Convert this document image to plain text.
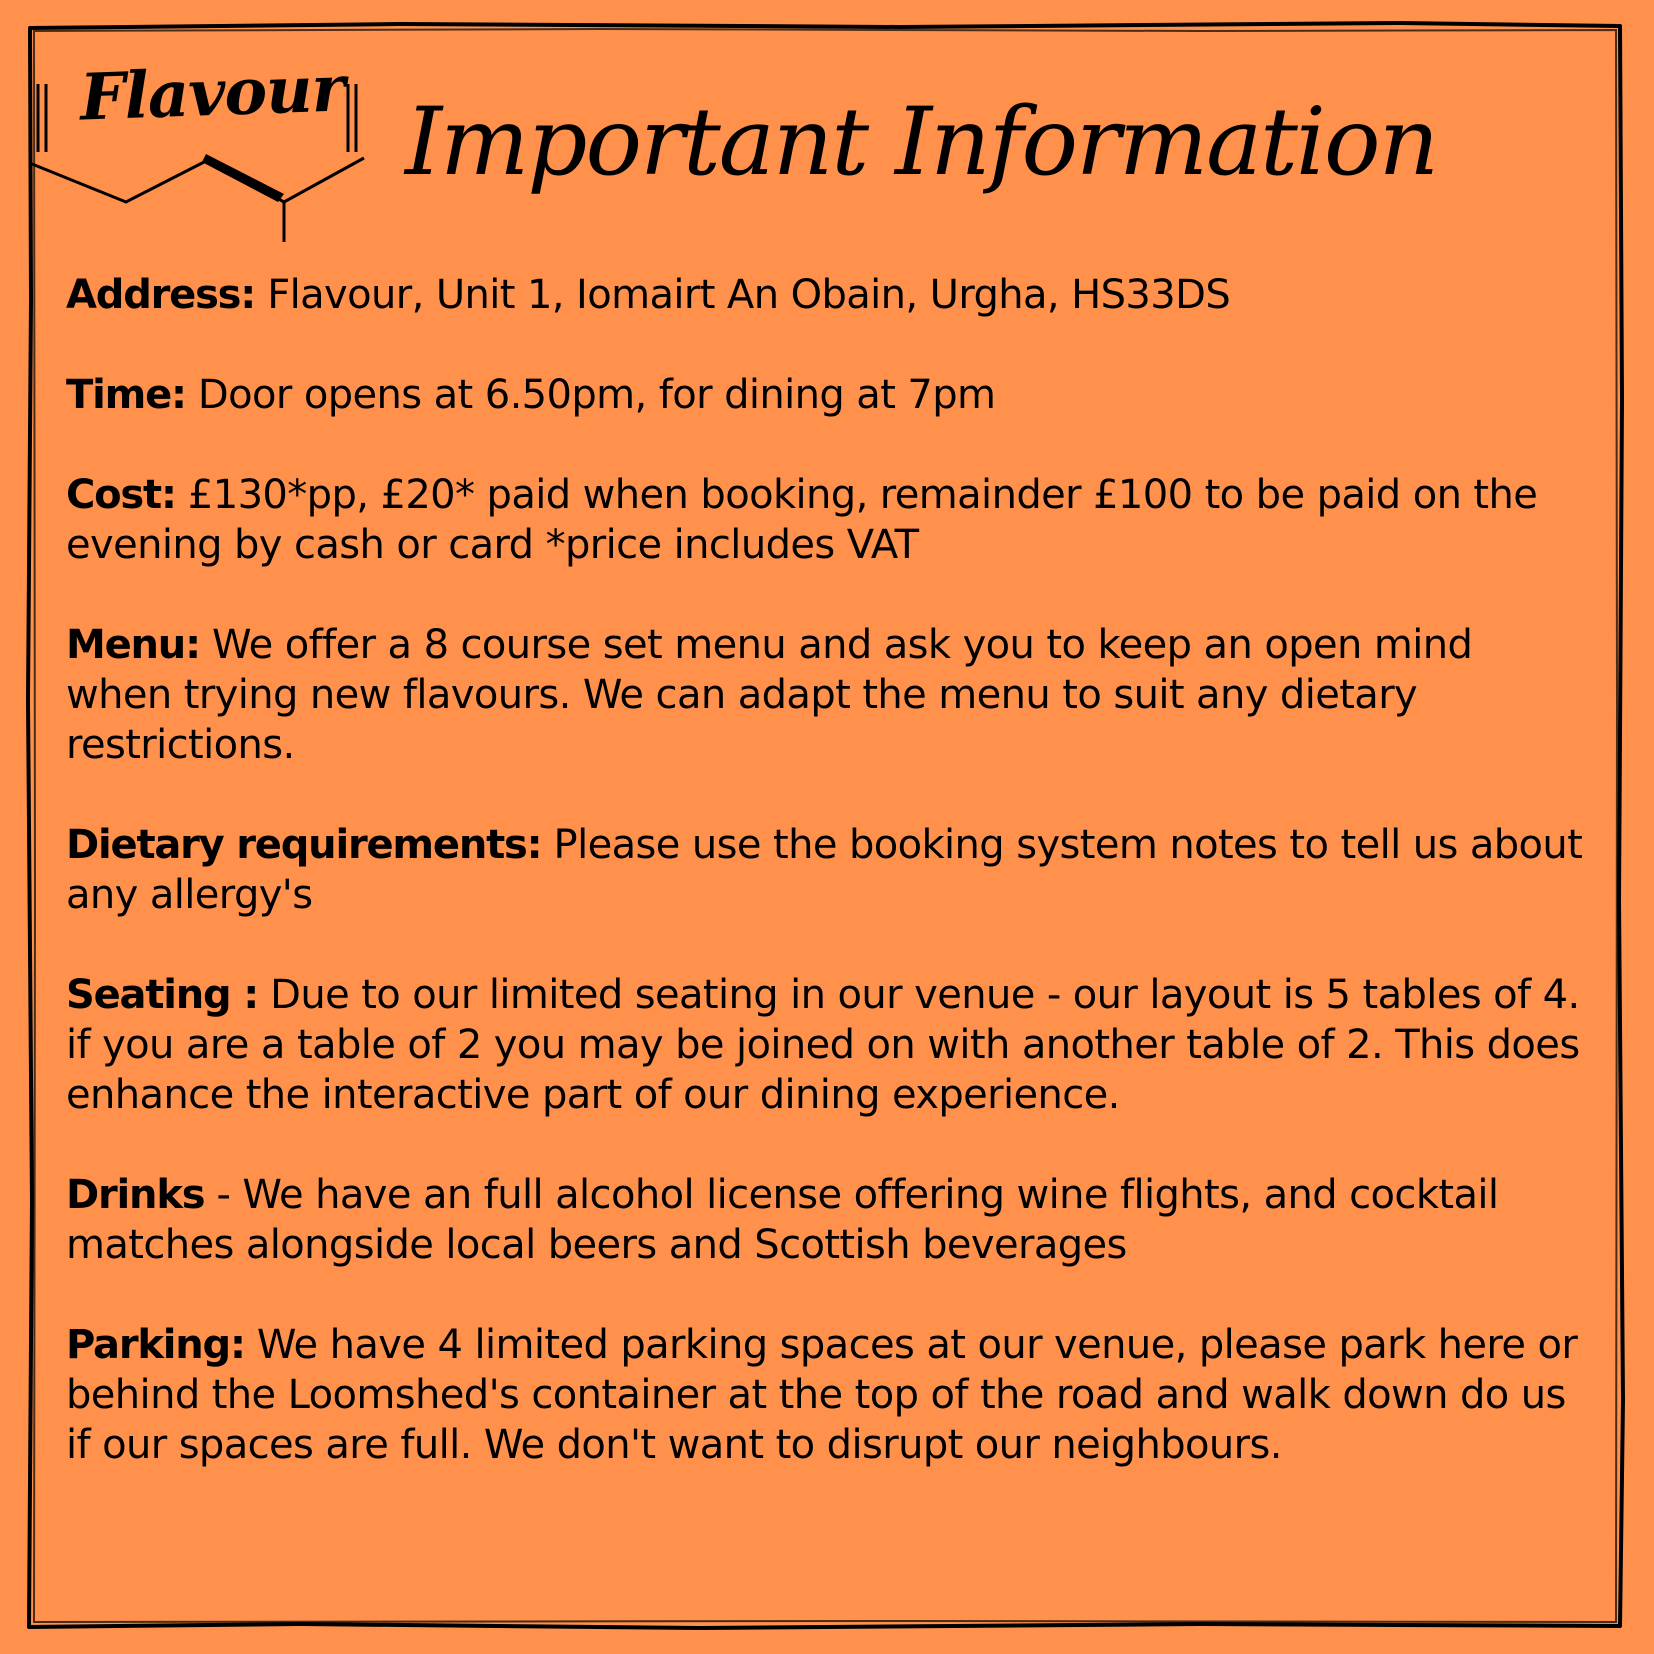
Flavour Important Information
Address: Flavour, Unit 1, Iomairt An Obain, Urgha, HS33DS
Time: Door opens at 6.50pm, for dining at 7pm
Cost: £130*pp, £20* paid when booking, remainder £100 to be paid on the evening by cash or card *price includes VAT
Menu: We offer a 8 course set menu and ask you to keep an open mind when trying new flavours. We can adapt the menu to suit any dietary restrictions.
Dietary requirements: Please use the booking system notes to tell us about any allergy's
Seating : Due to our limited seating in our venue - our layout is 5 tables of 4. if you are a table of 2 you may be joined on with another table of 2. This does enhance the interactive part of our dining experience.
Drinks - We have an full alcohol license offering wine flights, and cocktail matches alongside local beers and Scottish beverages
Parking: We have 4 limited parking spaces at our venue, please park here or behind the Loomshed's container at the top of the road and walk down do us if our spaces are full. We don't want to disrupt our neighbours.
